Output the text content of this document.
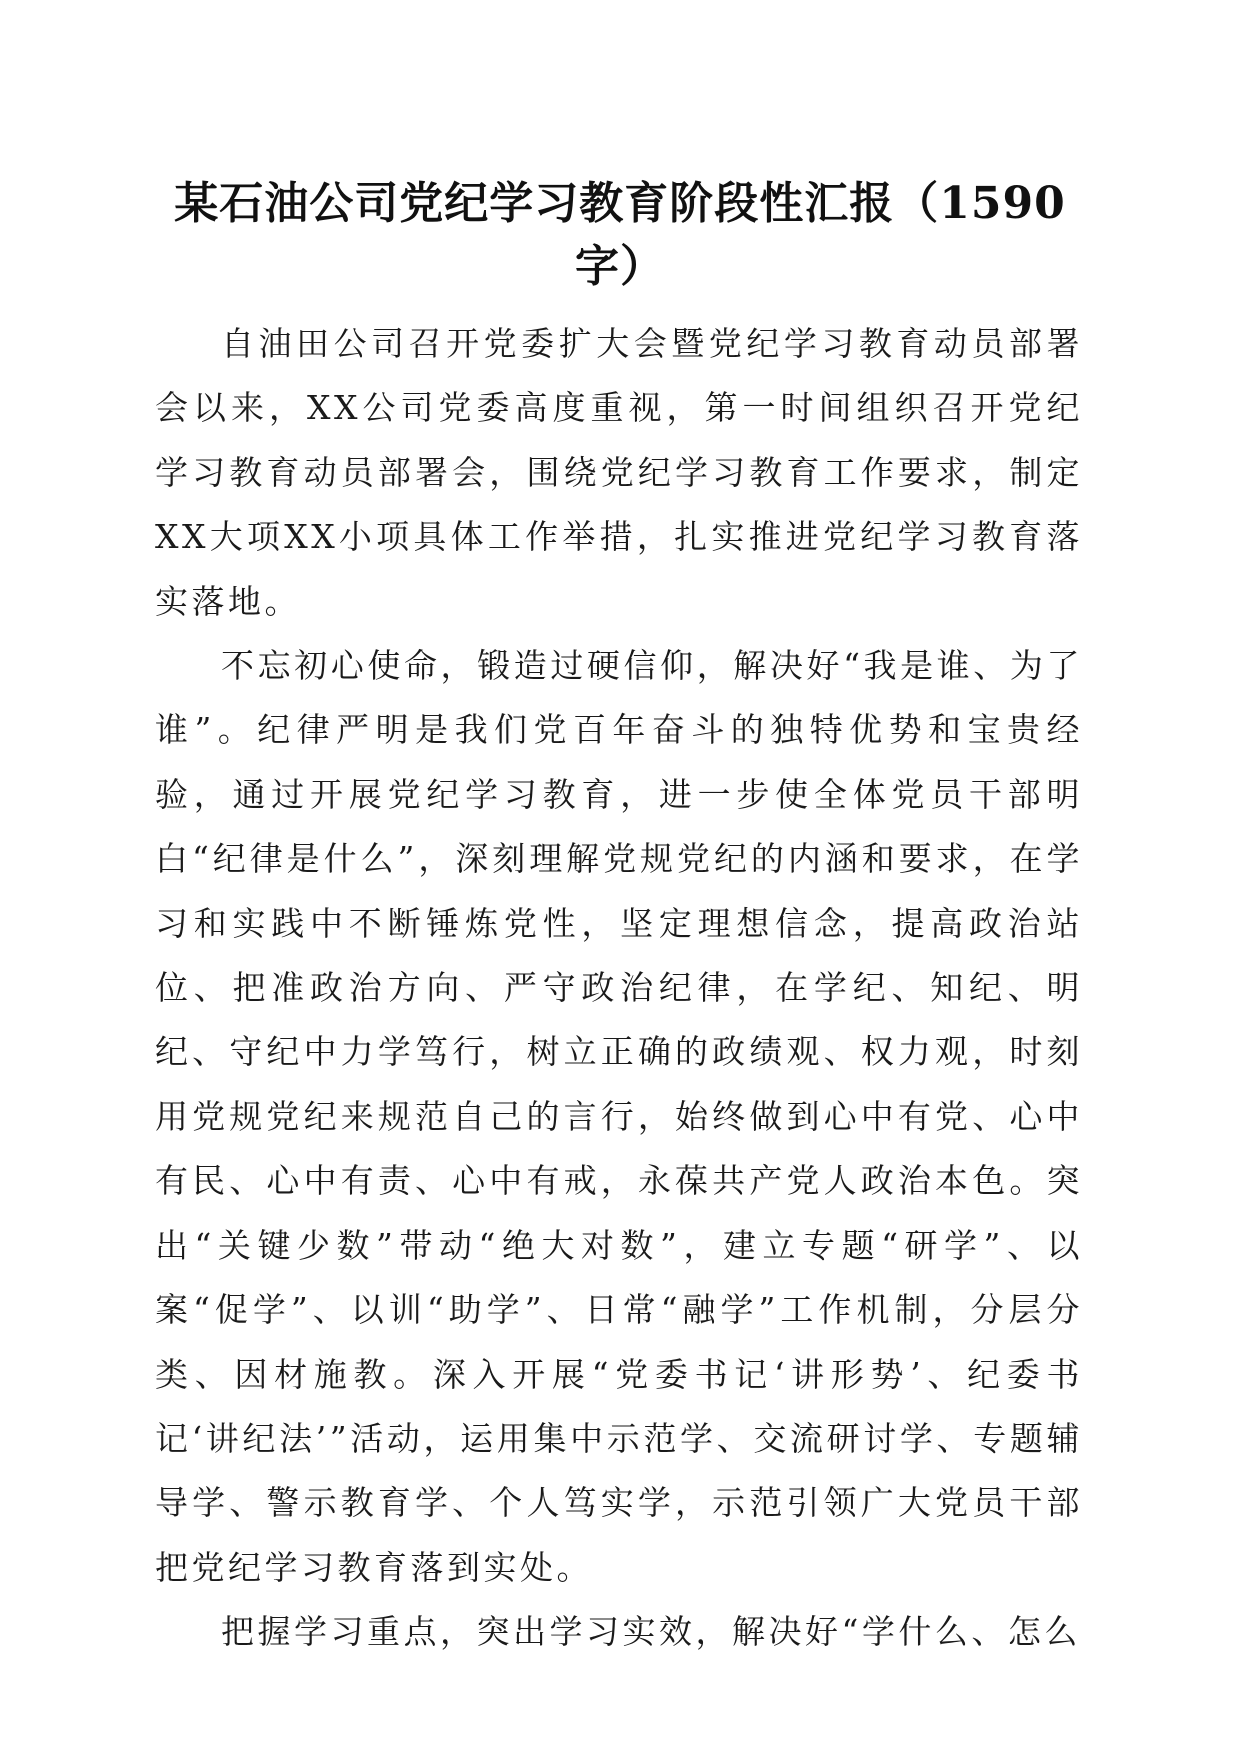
某石油公司党纪学习教育阶段性汇报（1590字）

自油田公司召开党委扩大会暨党纪学习教育动员部署会以来，XX公司党委高度重视，第一时间组织召开党纪学习教育动员部署会，围绕党纪学习教育工作要求，制定XX大项XX小项具体工作举措，扎实推进党纪学习教育落实落地。

不忘初心使命，锻造过硬信仰，解决好“我是谁、为了谁”。纪律严明是我们党百年奋斗的独特优势和宝贵经验，通过开展党纪学习教育，进一步使全体党员干部明白“纪律是什么”，深刻理解党规党纪的内涵和要求，在学习和实践中不断锤炼党性，坚定理想信念，提高政治站位、把准政治方向、严守政治纪律，在学纪、知纪、明纪、守纪中力学笃行，树立正确的政绩观、权力观，时刻用党规党纪来规范自己的言行，始终做到心中有党、心中有民、心中有责、心中有戒，永葆共产党人政治本色。突出“关键少数”带动“绝大对数”，建立专题“研学”、以案“促学”、以训“助学”、日常“融学”工作机制，分层分类、因材施教。深入开展“党委书记‘讲形势’、纪委书记‘讲纪法’”活动，运用集中示范学、交流研讨学、专题辅导学、警示教育学、个人笃实学，示范引领广大党员干部把党纪学习教育落到实处。

把握学习重点，突出学习实效，解决好“学什么、怎么
